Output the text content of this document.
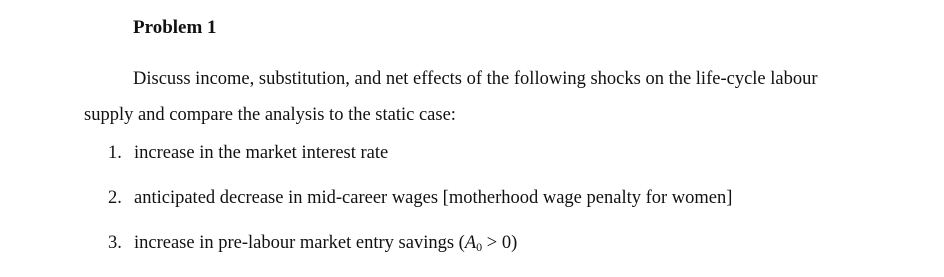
Problem 1
Discuss income, substitution, and net effects of the following shocks on the life-cycle labour
supply and compare the analysis to the static case:
1. increase in the market interest rate
2. anticipated decrease in mid-career wages [motherhood wage penalty for women]
3. increase in pre-labour market entry savings $(A_0 > 0)$
